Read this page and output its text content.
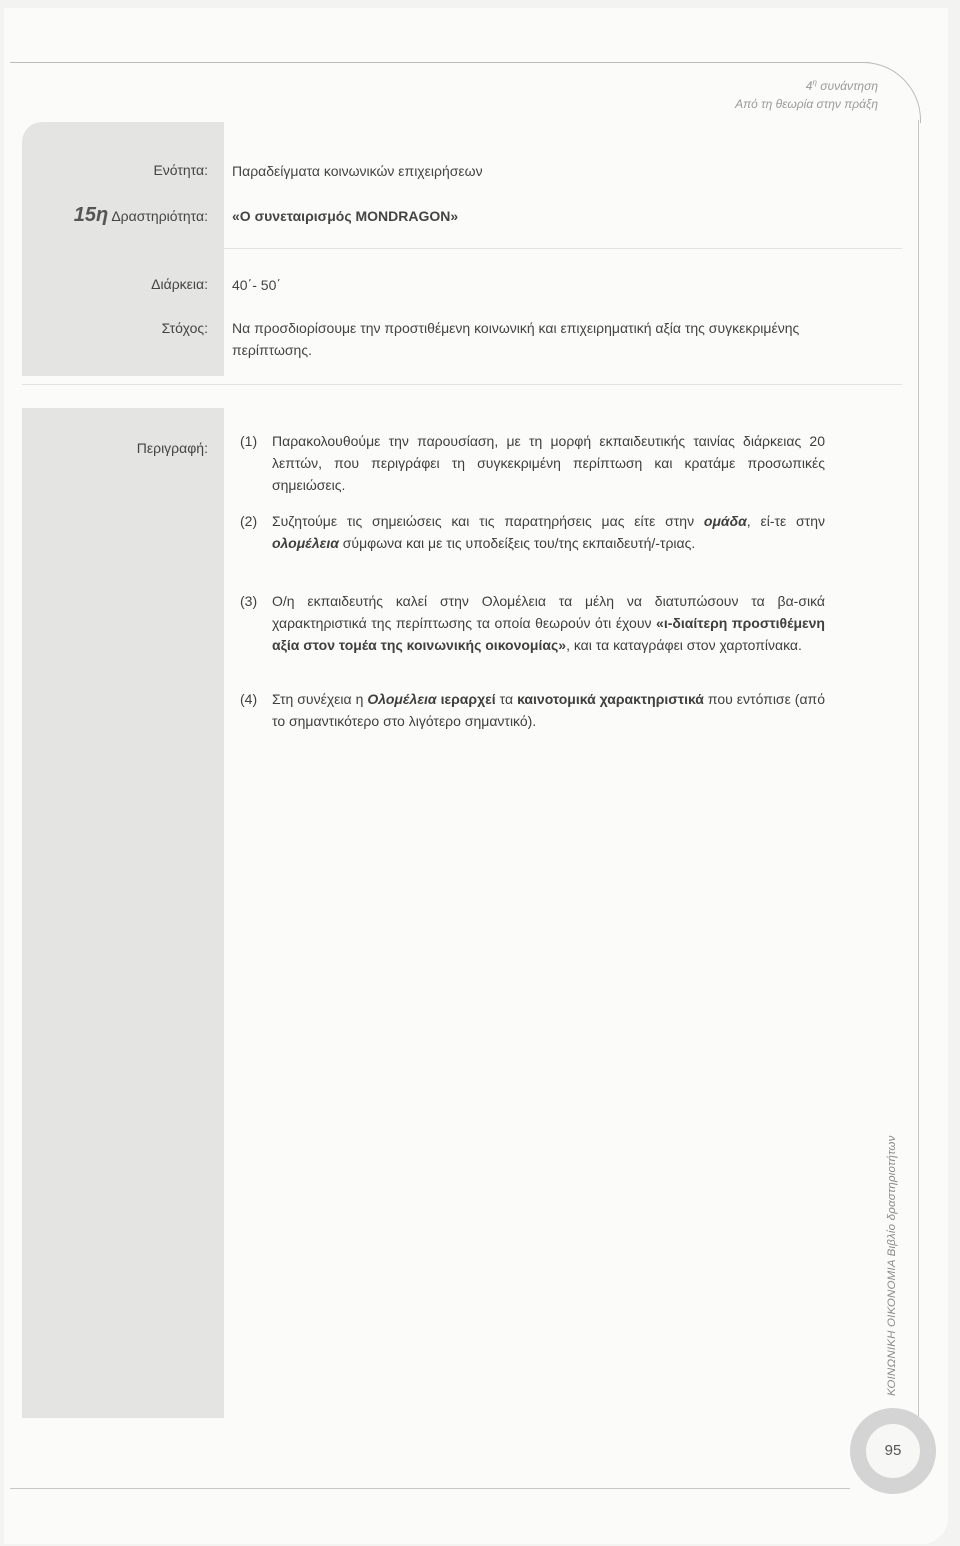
$4^\eta$ συνάντηση
Από τη θεωρία στην πράξη
Ενότητα: Παραδείγματα κοινωνικών επιχειρήσεων
15η Δραστηριότητα: «Ο συνεταιρισμός MONDRAGON»
Διάρκεια: 40΄- 50΄
Στόχος: Να προσδιορίσουμε την προστιθέμενη κοινωνική και επιχειρηματική αξία της συγκεκριμένης περίπτωσης.
Περιγραφή: (1)	Παρακολουθούμε την παρουσίαση, με τη μορφή εκπαιδευτικής ταινίας διάρκειας 20 λεπτών, που περιγράφει τη συγκεκριμένη περίπτωση και κρατάμε προσωπικές σημειώσεις.
(2)	Συζητούμε τις σημειώσεις και τις παρατηρήσεις μας είτε στην ομάδα, εί-τε στην ολομέλεια σύμφωνα και με τις υποδείξεις του/της εκπαιδευτή/-τριας.
(3)	Ο/η εκπαιδευτής καλεί στην Ολομέλεια τα μέλη να διατυπώσουν τα βα-σικά χαρακτηριστικά της περίπτωσης τα οποία θεωρούν ότι έχουν «ι-διαίτερη προστιθέμενη αξία στον τομέα της κοινωνικής οικονομίας», και τα καταγράφει στον χαρτοπίνακα.
(4)	Στη συνέχεια η Ολομέλεια ιεραρχεί τα καινοτομικά χαρακτηριστικά που εντόπισε (από το σημαντικότερο στο λιγότερο σημαντικό).
ΚΟΙΝΩΝΙΚΗ ΟΙΚΟΝΟΜΙΑ Βιβλίο δραστηριοτήτων
95
